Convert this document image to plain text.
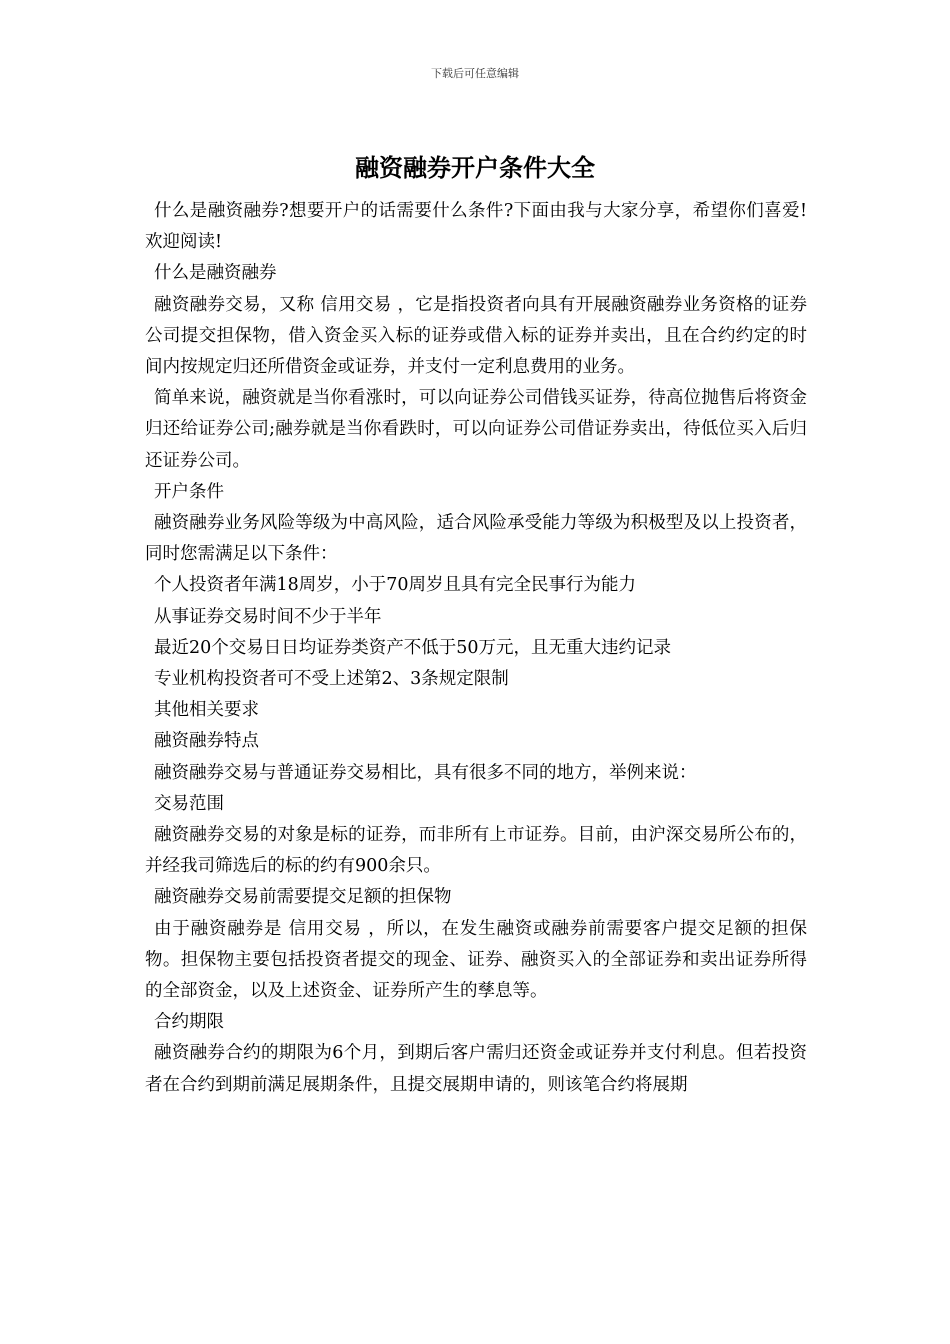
下载后可任意编辑
融资融券开户条件大全

什么是融资融券?想要开户的话需要什么条件?下面由我与大家分享，希望你们喜爱!欢迎阅读!

什么是融资融券

融资融券交易，又称 信用交易 ，它是指投资者向具有开展融资融券业务资格的证券公司提交担保物，借入资金买入标的证券或借入标的证券并卖出，且在合约约定的时间内按规定归还所借资金或证券，并支付一定利息费用的业务。

简单来说，融资就是当你看涨时，可以向证券公司借钱买证券，待高位抛售后将资金归还给证券公司;融券就是当你看跌时，可以向证券公司借证券卖出，待低位买入后归还证券公司。

开户条件

融资融券业务风险等级为中高风险，适合风险承受能力等级为积极型及以上投资者，同时您需满足以下条件：

个人投资者年满18周岁，小于70周岁且具有完全民事行为能力

从事证券交易时间不少于半年

最近20个交易日日均证券类资产不低于50万元，且无重大违约记录

专业机构投资者可不受上述第2、3条规定限制

其他相关要求

融资融券特点

融资融券交易与普通证券交易相比，具有很多不同的地方，举例来说：

交易范围

融资融券交易的对象是标的证券，而非所有上市证券。目前，由沪深交易所公布的，并经我司筛选后的标的约有900余只。

融资融券交易前需要提交足额的担保物

由于融资融券是 信用交易 ，所以，在发生融资或融券前需要客户提交足额的担保物。担保物主要包括投资者提交的现金、证券、融资买入的全部证券和卖出证券所得的全部资金，以及上述资金、证券所产生的孳息等。

合约期限

融资融券合约的期限为6个月，到期后客户需归还资金或证券并支付利息。但若投资者在合约到期前满足展期条件，且提交展期申请的，则该笔合约将展期
